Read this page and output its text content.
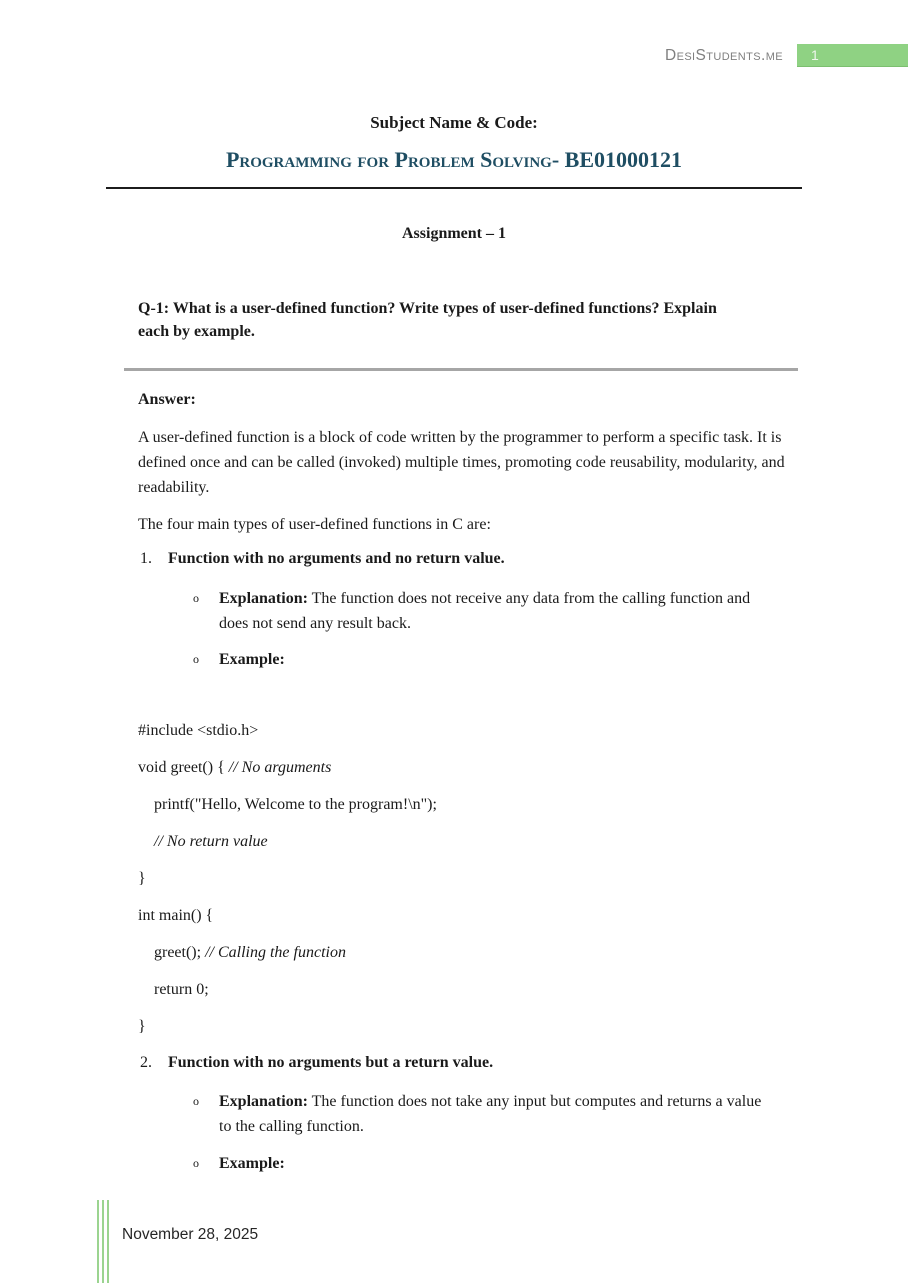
DesiStudents.me	1
Subject Name & Code:
Programming for Problem Solving- BE01000121
Assignment – 1
Q-1: What is a user-defined function? Write types of user-defined functions? Explain each by example.
Answer:
A user-defined function is a block of code written by the programmer to perform a specific task. It is defined once and can be called (invoked) multiple times, promoting code reusability, modularity, and readability.
The four main types of user-defined functions in C are:
1.	Function with no arguments and no return value.
o	Explanation: The function does not receive any data from the calling function and does not send any result back.
o	Example:
#include <stdio.h>
void greet() { // No arguments
printf("Hello, Welcome to the program!\n");
// No return value
}
int main() {
greet(); // Calling the function
return 0;
}
2.	Function with no arguments but a return value.
o	Explanation: The function does not take any input but computes and returns a value to the calling function.
o	Example:
November 28, 2025
